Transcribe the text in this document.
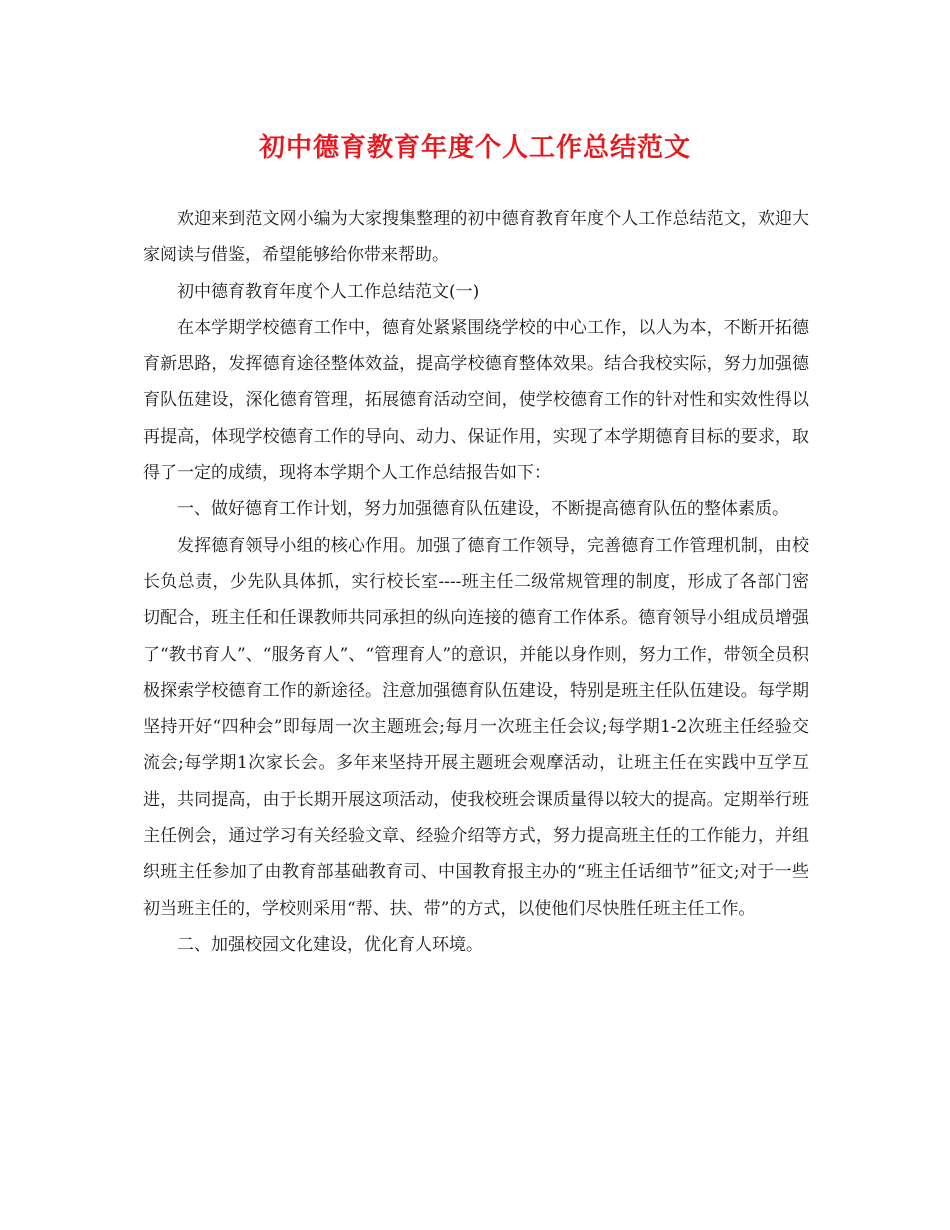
初中德育教育年度个人工作总结范文

欢迎来到范文网小编为大家搜集整理的初中德育教育年度个人工作总结范文，欢迎大家阅读与借鉴，希望能够给你带来帮助。

初中德育教育年度个人工作总结范文(一)

在本学期学校德育工作中，德育处紧紧围绕学校的中心工作，以人为本，不断开拓德育新思路，发挥德育途径整体效益，提高学校德育整体效果。结合我校实际，努力加强德育队伍建设，深化德育管理，拓展德育活动空间，使学校德育工作的针对性和实效性得以再提高，体现学校德育工作的导向、动力、保证作用，实现了本学期德育目标的要求，取得了一定的成绩，现将本学期个人工作总结报告如下：

一、做好德育工作计划，努力加强德育队伍建设，不断提高德育队伍的整体素质。

发挥德育领导小组的核心作用。加强了德育工作领导，完善德育工作管理机制，由校长负总责，少先队具体抓，实行校长室----班主任二级常规管理的制度，形成了各部门密切配合，班主任和任课教师共同承担的纵向连接的德育工作体系。德育领导小组成员增强了“教书育人”、“服务育人”、“管理育人”的意识，并能以身作则，努力工作，带领全员积极探索学校德育工作的新途径。注意加强德育队伍建设，特别是班主任队伍建设。每学期坚持开好“四种会”即每周一次主题班会;每月一次班主任会议;每学期1-2次班主任经验交流会;每学期1次家长会。多年来坚持开展主题班会观摩活动，让班主任在实践中互学互进，共同提高，由于长期开展这项活动，使我校班会课质量得以较大的提高。定期举行班主任例会，通过学习有关经验文章、经验介绍等方式，努力提高班主任的工作能力，并组织班主任参加了由教育部基础教育司、中国教育报主办的“班主任话细节”征文;对于一些初当班主任的，学校则采用“帮、扶、带”的方式，以使他们尽快胜任班主任工作。

二、加强校园文化建设，优化育人环境。
